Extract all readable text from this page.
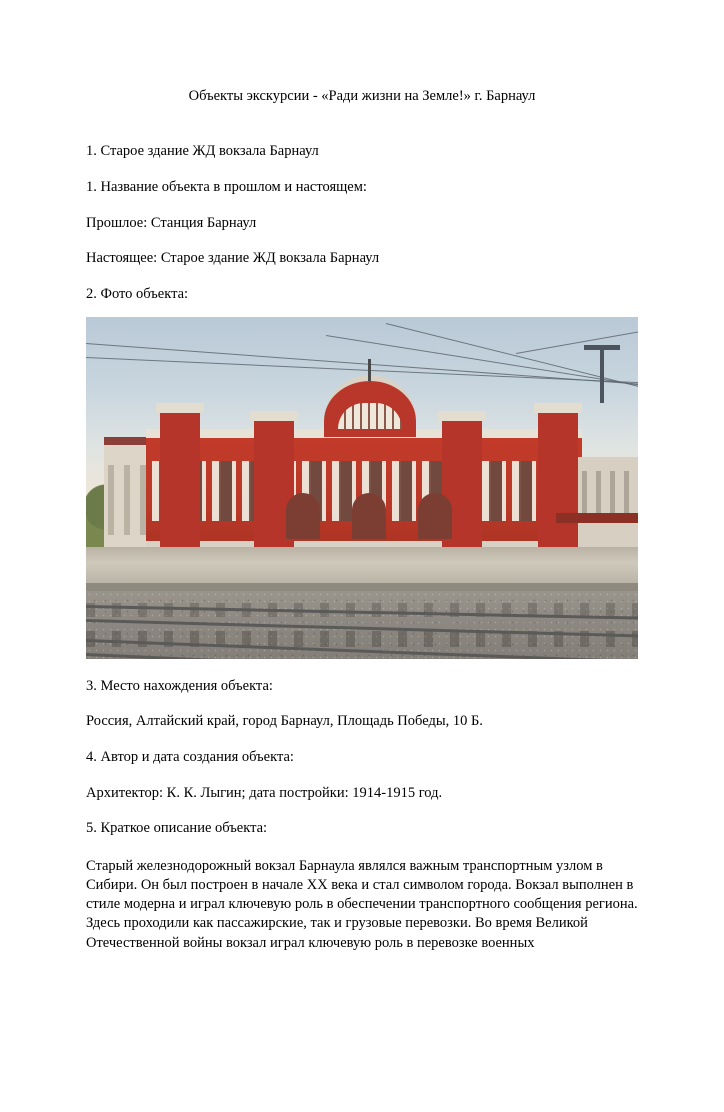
Объекты экскурсии - «Ради жизни на Земле!» г. Барнаул

1. Старое здание ЖД вокзала Барнаул

1. Название объекта в прошлом и настоящем:

Прошлое: Станция Барнаул

Настоящее: Старое здание ЖД вокзала Барнаул

2. Фото объекта:

3. Место нахождения объекта:

Россия, Алтайский край, город Барнаул, Площадь Победы, 10 Б.

4. Автор и дата создания объекта:

Архитектор: К. К. Лыгин; дата постройки: 1914-1915 год.

5. Краткое описание объекта:

Старый железнодорожный вокзал Барнаула являлся важным транспортным узлом в Сибири. Он был построен в начале XX века и стал символом города. Вокзал выполнен в стиле модерна и играл ключевую роль в обеспечении транспортного сообщения региона. Здесь проходили как пассажирские, так и грузовые перевозки. Во время Великой Отечественной войны вокзал играл ключевую роль в перевозке военных
